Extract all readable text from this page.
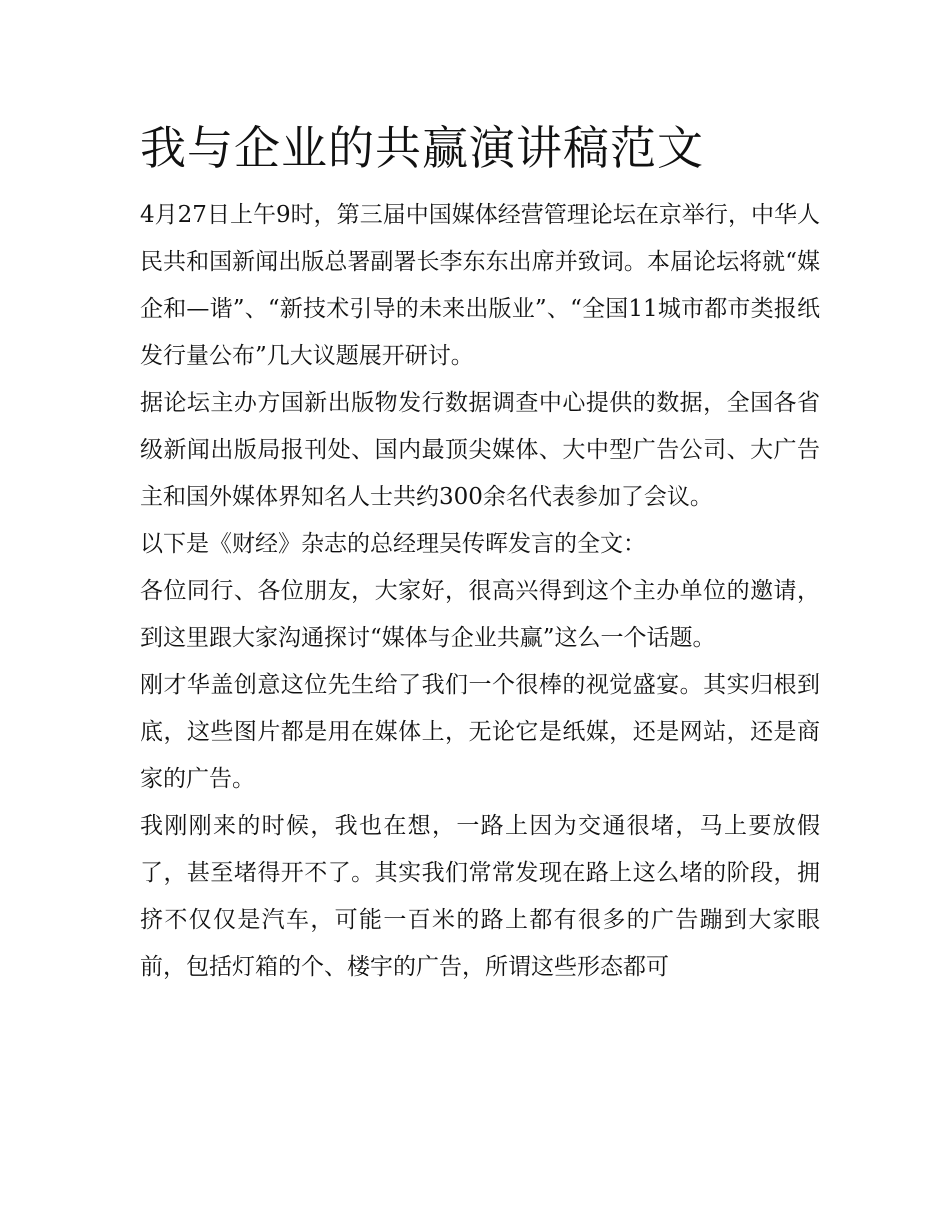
我与企业的共赢演讲稿范文

4月27日上午9时，第三届中国媒体经营管理论坛在京举行，中华人民共和国新闻出版总署副署长李东东出席并致词。本届论坛将就“媒企和—谐”、“新技术引导的未来出版业”、“全国11城市都市类报纸发行量公布”几大议题展开研讨。

据论坛主办方国新出版物发行数据调查中心提供的数据，全国各省级新闻出版局报刊处、国内最顶尖媒体、大中型广告公司、大广告主和国外媒体界知名人士共约300余名代表参加了会议。

以下是《财经》杂志的总经理吴传晖发言的全文：

各位同行、各位朋友，大家好，很高兴得到这个主办单位的邀请，到这里跟大家沟通探讨“媒体与企业共赢”这么一个话题。

刚才华盖创意这位先生给了我们一个很棒的视觉盛宴。其实归根到底，这些图片都是用在媒体上，无论它是纸媒，还是网站，还是商家的广告。

我刚刚来的时候，我也在想，一路上因为交通很堵，马上要放假了，甚至堵得开不了。其实我们常常发现在路上这么堵的阶段，拥挤不仅仅是汽车，可能一百米的路上都有很多的广告蹦到大家眼前，包括灯箱的个、楼宇的广告，所谓这些形态都可
